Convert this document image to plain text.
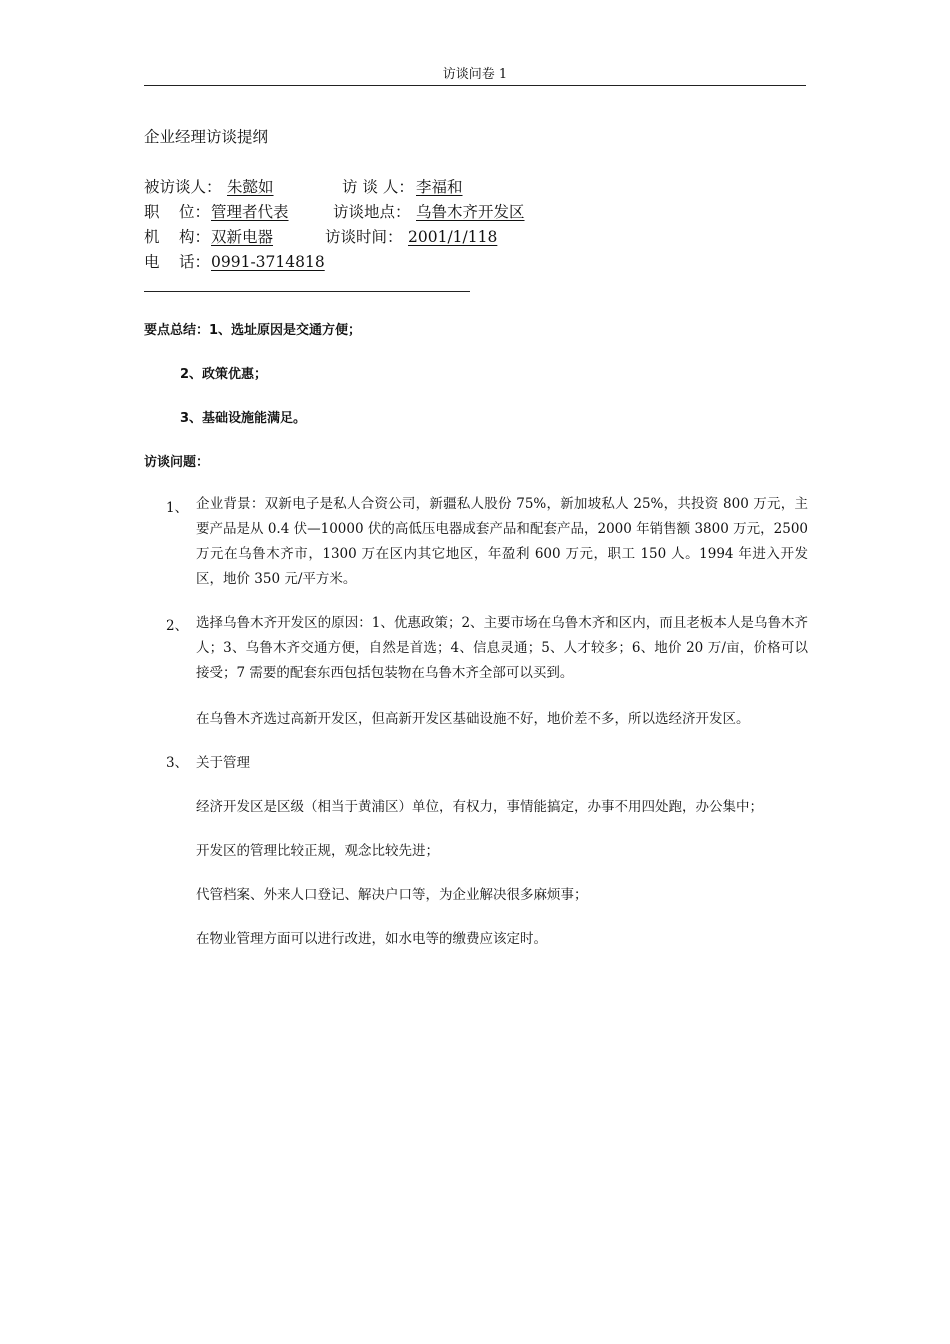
访谈问卷 1
企业经理访谈提纲
被访谈人： 朱懿如	访 谈 人： 李福和
职 位： 管理者代表	访谈地点： 乌鲁木齐开发区
机 构： 双新电器	访谈时间： 2001/1/118
电 话： 0991-3714818
要点总结：1、选址原因是交通方便；
2、政策优惠；
3、基础设施能满足。
访谈问题：
1、 企业背景：双新电子是私人合资公司，新疆私人股份 75%，新加坡私人 25%，共投资 800 万元，主要产品是从 0.4 伏—10000 伏的高低压电器成套产品和配套产品，2000 年销售额 3800 万元，2500 万元在乌鲁木齐市，1300 万在区内其它地区，年盈利 600 万元，职工 150 人。1994 年进入开发区，地价 350 元/平方米。
2、 选择乌鲁木齐开发区的原因：1、优惠政策；2、主要市场在乌鲁木齐和区内，而且老板本人是乌鲁木齐人；3、乌鲁木齐交通方便，自然是首选；4、信息灵通；5、人才较多；6、地价 20 万/亩，价格可以接受；7 需要的配套东西包括包装物在乌鲁木齐全部可以买到。
在乌鲁木齐选过高新开发区，但高新开发区基础设施不好，地价差不多，所以选经济开发区。
3、 关于管理
经济开发区是区级（相当于黄浦区）单位，有权力，事情能搞定，办事不用四处跑，办公集中；
开发区的管理比较正规，观念比较先进；
代管档案、外来人口登记、解决户口等，为企业解决很多麻烦事；
在物业管理方面可以进行改进，如水电等的缴费应该定时。
